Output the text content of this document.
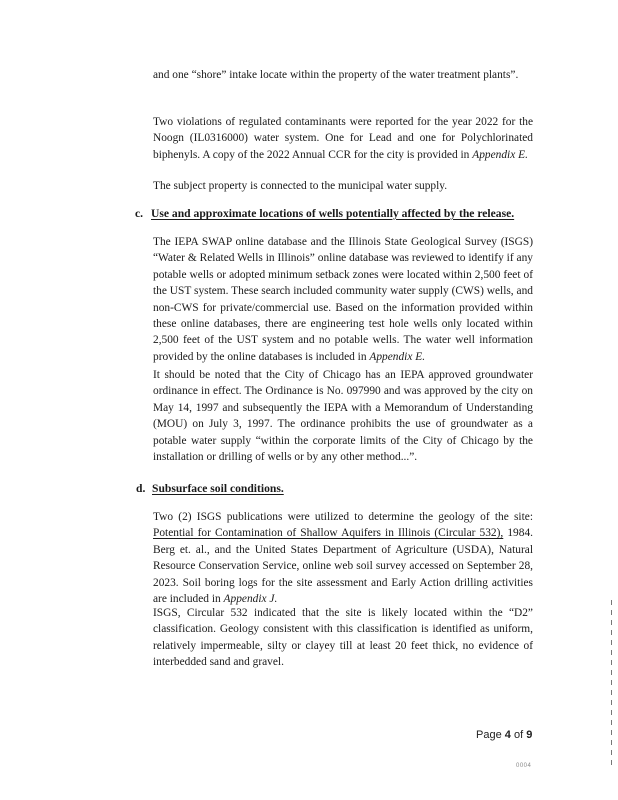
and one “shore” intake locate within the property of the water treatment plants”.

Two violations of regulated contaminants were reported for the year 2022 for the Noogn (IL0316000) water system. One for Lead and one for Polychlorinated biphenyls. A copy of the 2022 Annual CCR for the city is provided in Appendix E.

The subject property is connected to the municipal water supply.

c. Use and approximate locations of wells potentially affected by the release.

The IEPA SWAP online database and the Illinois State Geological Survey (ISGS) “Water & Related Wells in Illinois” online database was reviewed to identify if any potable wells or adopted minimum setback zones were located within 2,500 feet of the UST system. These search included community water supply (CWS) wells, and non-CWS for private/commercial use. Based on the information provided within these online databases, there are engineering test hole wells only located within 2,500 feet of the UST system and no potable wells. The water well information provided by the online databases is included in Appendix E.

It should be noted that the City of Chicago has an IEPA approved groundwater ordinance in effect. The Ordinance is No. 097990 and was approved by the city on May 14, 1997 and subsequently the IEPA with a Memorandum of Understanding (MOU) on July 3, 1997. The ordinance prohibits the use of groundwater as a potable water supply “within the corporate limits of the City of Chicago by the installation or drilling of wells or by any other method...”.

d. Subsurface soil conditions.

Two (2) ISGS publications were utilized to determine the geology of the site: Potential for Contamination of Shallow Aquifers in Illinois (Circular 532), 1984. Berg et. al., and the United States Department of Agriculture (USDA), Natural Resource Conservation Service, online web soil survey accessed on September 28, 2023. Soil boring logs for the site assessment and Early Action drilling activities are included in Appendix J.

ISGS, Circular 532 indicated that the site is likely located within the “D2” classification. Geology consistent with this classification is identified as uniform, relatively impermeable, silty or clayey till at least 20 feet thick, no evidence of interbedded sand and gravel.

Page 4 of 9
0004
